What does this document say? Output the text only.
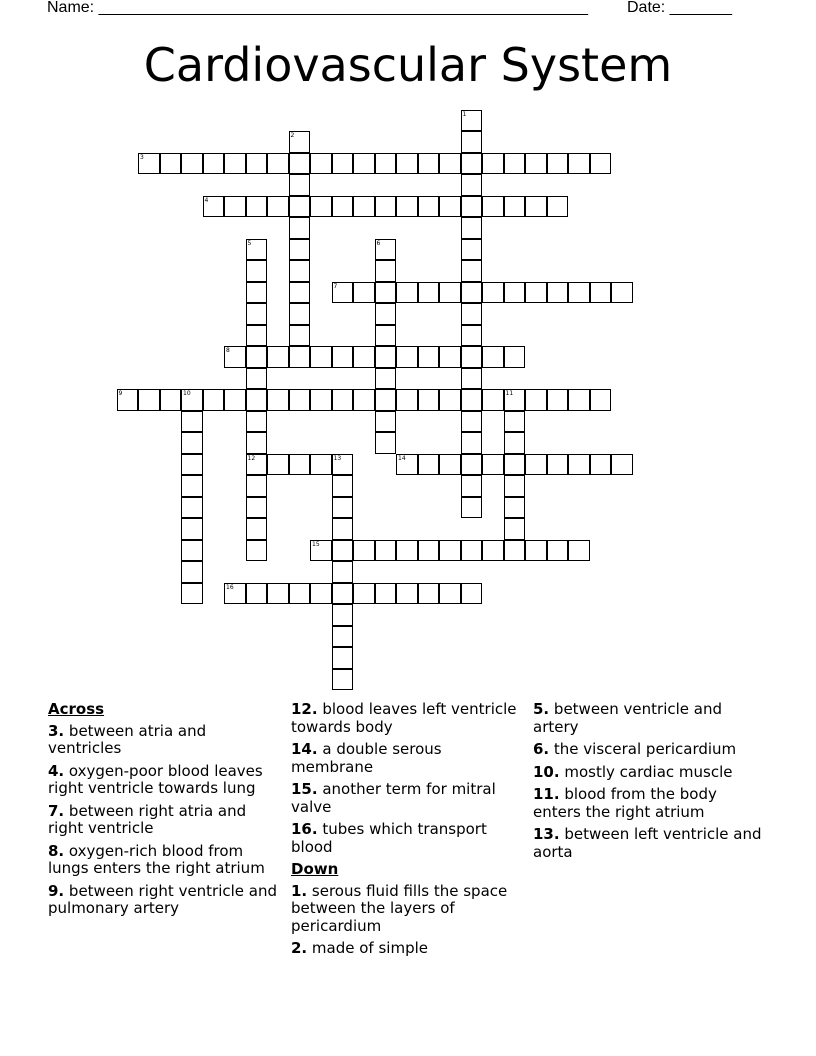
Name: _______________________________________________________ Date: _______
Cardiovascular System
3
4
7
8
9	10	11
12	13	14
15
16
1
2
5	6
Across
3. between atria and ventricles
4. oxygen-poor blood leaves right ventricle towards lung
7. between right atria and right ventricle
8. oxygen-rich blood from lungs enters the right atrium
9. between right ventricle and pulmonary artery
12. blood leaves left ventricle towards body
14. a double serous membrane
15. another term for mitral valve
16. tubes which transport blood
Down
1. serous fluid fills the space between the layers of pericardium
2. made of simple
5. between ventricle and artery
6. the visceral pericardium
10. mostly cardiac muscle
11. blood from the body enters the right atrium
13. between left ventricle and aorta
